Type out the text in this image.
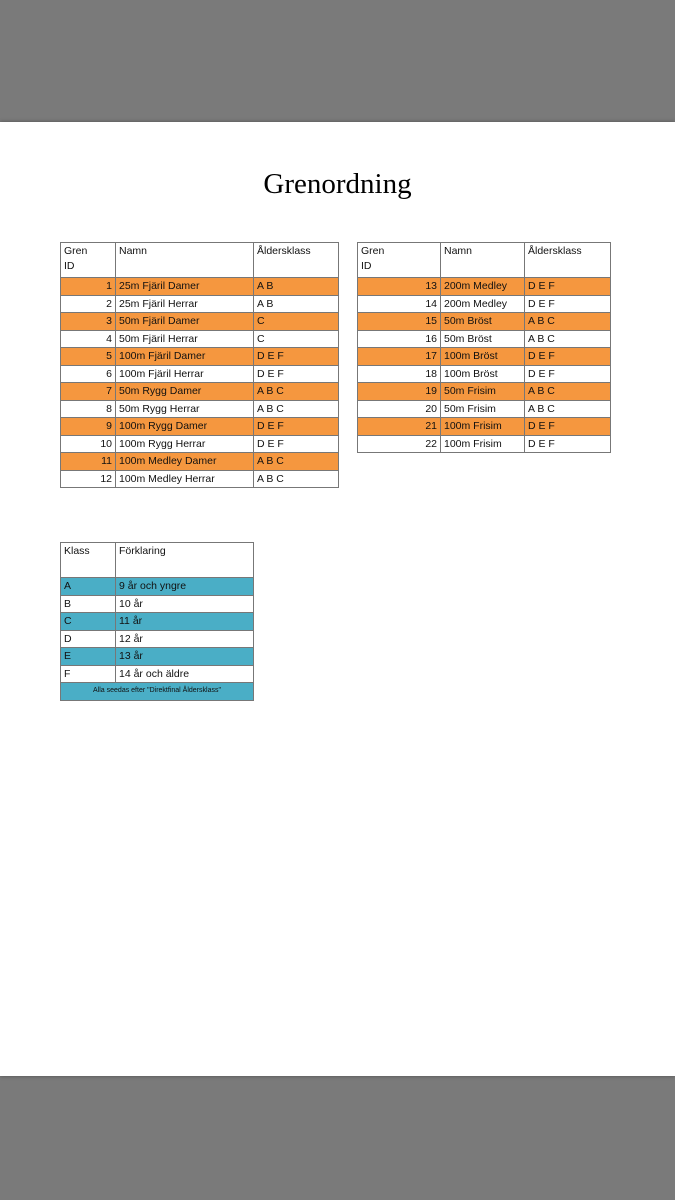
Grenordning
Gren
ID	Namn	Åldersklass
1	25m Fjäril Damer	A B
2	25m Fjäril Herrar	A B
3	50m Fjäril Damer	C
4	50m Fjäril Herrar	C
5	100m Fjäril Damer	D E F
6	100m Fjäril Herrar	D E F
7	50m Rygg Damer	A B C
8	50m Rygg Herrar	A B C
9	100m Rygg Damer	D E F
10	100m Rygg Herrar	D E F
11	100m Medley Damer	A B C
12	100m Medley Herrar	A B C
Gren
ID	Namn	Åldersklass
13	200m Medley	D E F
14	200m Medley	D E F
15	50m Bröst	A B C
16	50m Bröst	A B C
17	100m Bröst	D E F
18	100m Bröst	D E F
19	50m Frisim	A B C
20	50m Frisim	A B C
21	100m Frisim	D E F
22	100m Frisim	D E F
Klass	Förklaring
A	9 år och yngre
B	10 år
C	11 år
D	12 år
E	13 år
F	14 år och äldre
Alla seedas efter "Direktfinal Åldersklass"	
